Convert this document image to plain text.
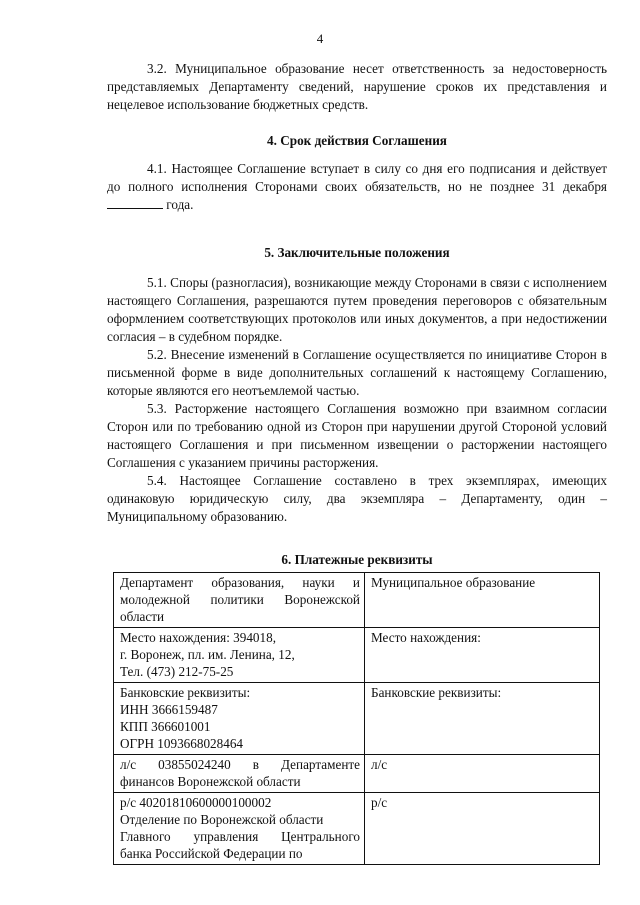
4

3.2. Муниципальное образование несет ответственность за недостоверность представляемых Департаменту сведений, нарушение сроков их представления и нецелевое использование бюджетных средств.

4. Срок действия Соглашения

4.1. Настоящее Соглашение вступает в силу со дня его подписания и действует до полного исполнения Сторонами своих обязательств, но не позднее 31 декабря  года.

5. Заключительные положения

5.1. Споры (разногласия), возникающие между Сторонами в связи с исполнением настоящего Соглашения, разрешаются путем проведения переговоров с обязательным оформлением соответствующих протоколов или иных документов, а при недостижении согласия – в судебном порядке.

5.2. Внесение изменений в Соглашение осуществляется по инициативе Сторон в письменной форме в виде дополнительных соглашений к настоящему Соглашению, которые являются его неотъемлемой частью.

5.3. Расторжение настоящего Соглашения возможно при взаимном согласии Сторон или по требованию одной из Сторон при нарушении другой Стороной условий настоящего Соглашения и при письменном извещении о расторжении настоящего Соглашения с указанием причины расторжения.

5.4. Настоящее Соглашение составлено в трех экземплярах, имеющих одинаковую юридическую силу, два экземпляра – Департаменту, один – Муниципальному образованию.

6. Платежные реквизиты
Департамент образования, науки и
молодежной политики Воронежской
области	Муниципальное образование

Место нахождения: 394018,
г. Воронеж, пл. им. Ленина, 12,
Тел. (473) 212-75-25	Место нахождения:

Банковские реквизиты:
ИНН 3666159487
КПП 366601001
ОГРН 1093668028464	Банковские реквизиты:

л/с 03855024240 в Департаменте
финансов Воронежской области	л/с

р/с 40201810600000100002
Отделение по Воронежской области
Главного управления Центрального
банка Российской Федерации по	р/с
